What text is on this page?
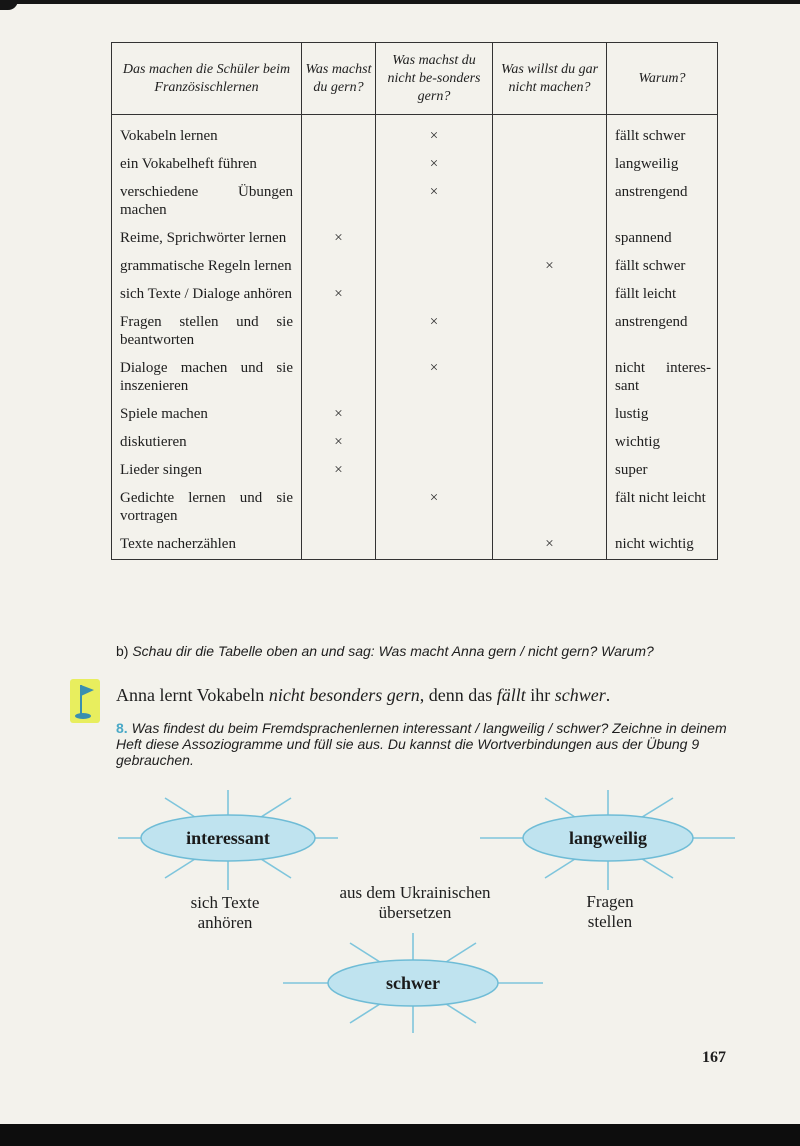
Das machen die Schüler beim Französischlernen	Was machst du gern?	Was machst du nicht be-sonders gern?	Was willst du gar nicht machen?	Warum?
Vokabeln lernen		×		fällt schwer
ein Vokabelheft führen		×		langweilig
verschiedene Übungen machen		×		anstrengend
Reime, Sprichwörter lernen	×			spannend
grammatische Regeln lernen			×	fällt schwer
sich Texte / Dialoge anhören	×			fällt leicht
Fragen stellen und sie beantworten		×		anstrengend
Dialoge machen und sie inszenieren		×		nicht interes-sant
Spiele machen	×			lustig
diskutieren	×			wichtig
Lieder singen	×			super
Gedichte lernen und sie vortragen		×		fält nicht leicht
Texte nacherzählen			×	nicht wichtig
b) Schau dir die Tabelle oben an und sag: Was macht Anna gern / nicht gern? Warum?
Anna lernt Vokabeln nicht besonders gern, denn das fällt ihr schwer.
8. Was findest du beim Fremdsprachenlernen interessant / langweilig / schwer? Zeichne in deinem Heft diese Assoziogramme und füll sie aus. Du kannst die Wortverbindungen aus der Übung 9 gebrauchen.
interessant	langweilig
schwer
sich Texte
anhören
aus dem Ukrainischen
übersetzen
Fragen
stellen
167
